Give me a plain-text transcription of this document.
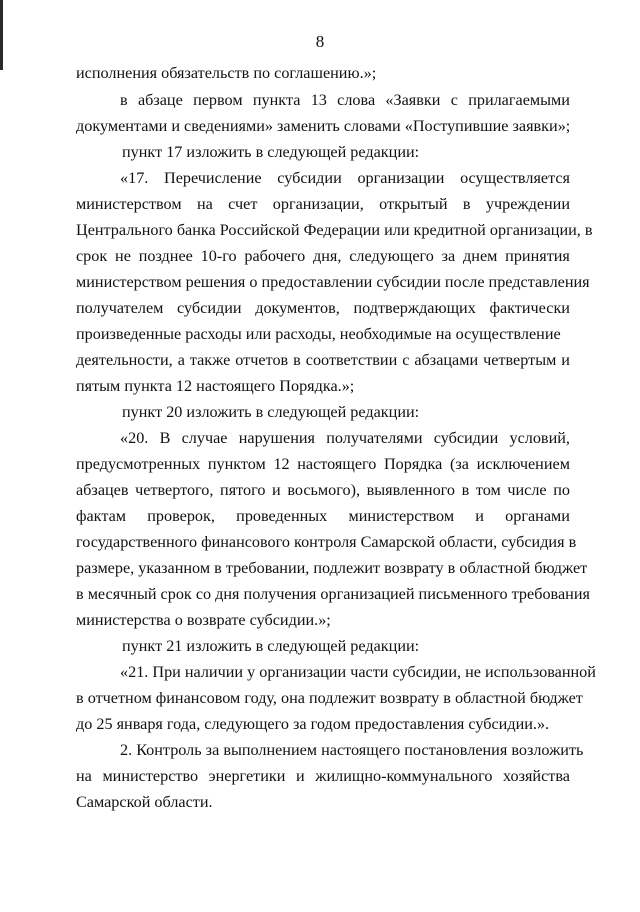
8
исполнения обязательств по соглашению.»;
в абзаце первом пункта 13 слова «Заявки с прилагаемыми
документами и сведениями» заменить словами «Поступившие заявки»;
пункт 17 изложить в следующей редакции:
«17. Перечисление субсидии организации осуществляется
министерством на счет организации, открытый в учреждении
Центрального банка Российской Федерации или кредитной организации, в
срок не позднее 10-го рабочего дня, следующего за днем принятия
министерством решения о предоставлении субсидии после представления
получателем субсидии документов, подтверждающих фактически
произведенные расходы или расходы, необходимые на осуществление
деятельности, а также отчетов в соответствии с абзацами четвертым и
пятым пункта 12 настоящего Порядка.»;
пункт 20 изложить в следующей редакции:
«20. В случае нарушения получателями субсидии условий,
предусмотренных пунктом 12 настоящего Порядка (за исключением
абзацев четвертого, пятого и восьмого), выявленного в том числе по
фактам проверок, проведенных министерством и органами
государственного финансового контроля Самарской области, субсидия в
размере, указанном в требовании, подлежит возврату в областной бюджет
в месячный срок со дня получения организацией письменного требования
министерства о возврате субсидии.»;
пункт 21 изложить в следующей редакции:
«21. При наличии у организации части субсидии, не использованной
в отчетном финансовом году, она подлежит возврату в областной бюджет
до 25 января года, следующего за годом предоставления субсидии.».
2. Контроль за выполнением настоящего постановления возложить
на министерство энергетики и жилищно-коммунального хозяйства
Самарской области.
